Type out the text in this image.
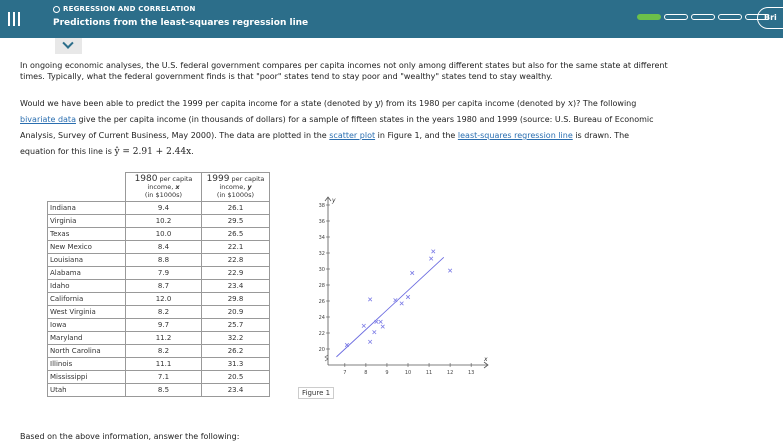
REGRESSION AND CORRELATION
Predictions from the least-squares regression line
Bri
In ongoing economic analyses, the U.S. federal government compares per capita incomes not only among different states but also for the same state at different
times. Typically, what the federal government finds is that "poor" states tend to stay poor and "wealthy" states tend to stay wealthy.
Would we have been able to predict the 1999 per capita income for a state (denoted by y) from its 1980 per capita income (denoted by x)? The following
bivariate data give the per capita income (in thousands of dollars) for a sample of fifteen states in the years 1980 and 1999 (source: U.S. Bureau of Economic
Analysis, Survey of Current Business, May 2000). The data are plotted in the scatter plot in Figure 1, and the least-squares regression line is drawn. The
equation for this line is ŷ = 2.91 + 2.44x.
	1980 per capita
income, x
(in $1000s)	1999 per capita
income, y
(in $1000s)
Indiana	9.4	26.1
Virginia	10.2	29.5
Texas	10.0	26.5
New Mexico	8.4	22.1
Louisiana	8.8	22.8
Alabama	7.9	22.9
Idaho	8.7	23.4
California	12.0	29.8
West Virginia	8.2	20.9
Iowa	9.7	25.7
Maryland	11.2	32.2
North Carolina	8.2	26.2
Illinois	11.1	31.3
Mississippi	7.1	20.5
Utah	8.5	23.4
x
y
7	8	9	10	11	12	13
20
22
24
26
28
30
32
34
36
38
Figure 1
Based on the above information, answer the following:
